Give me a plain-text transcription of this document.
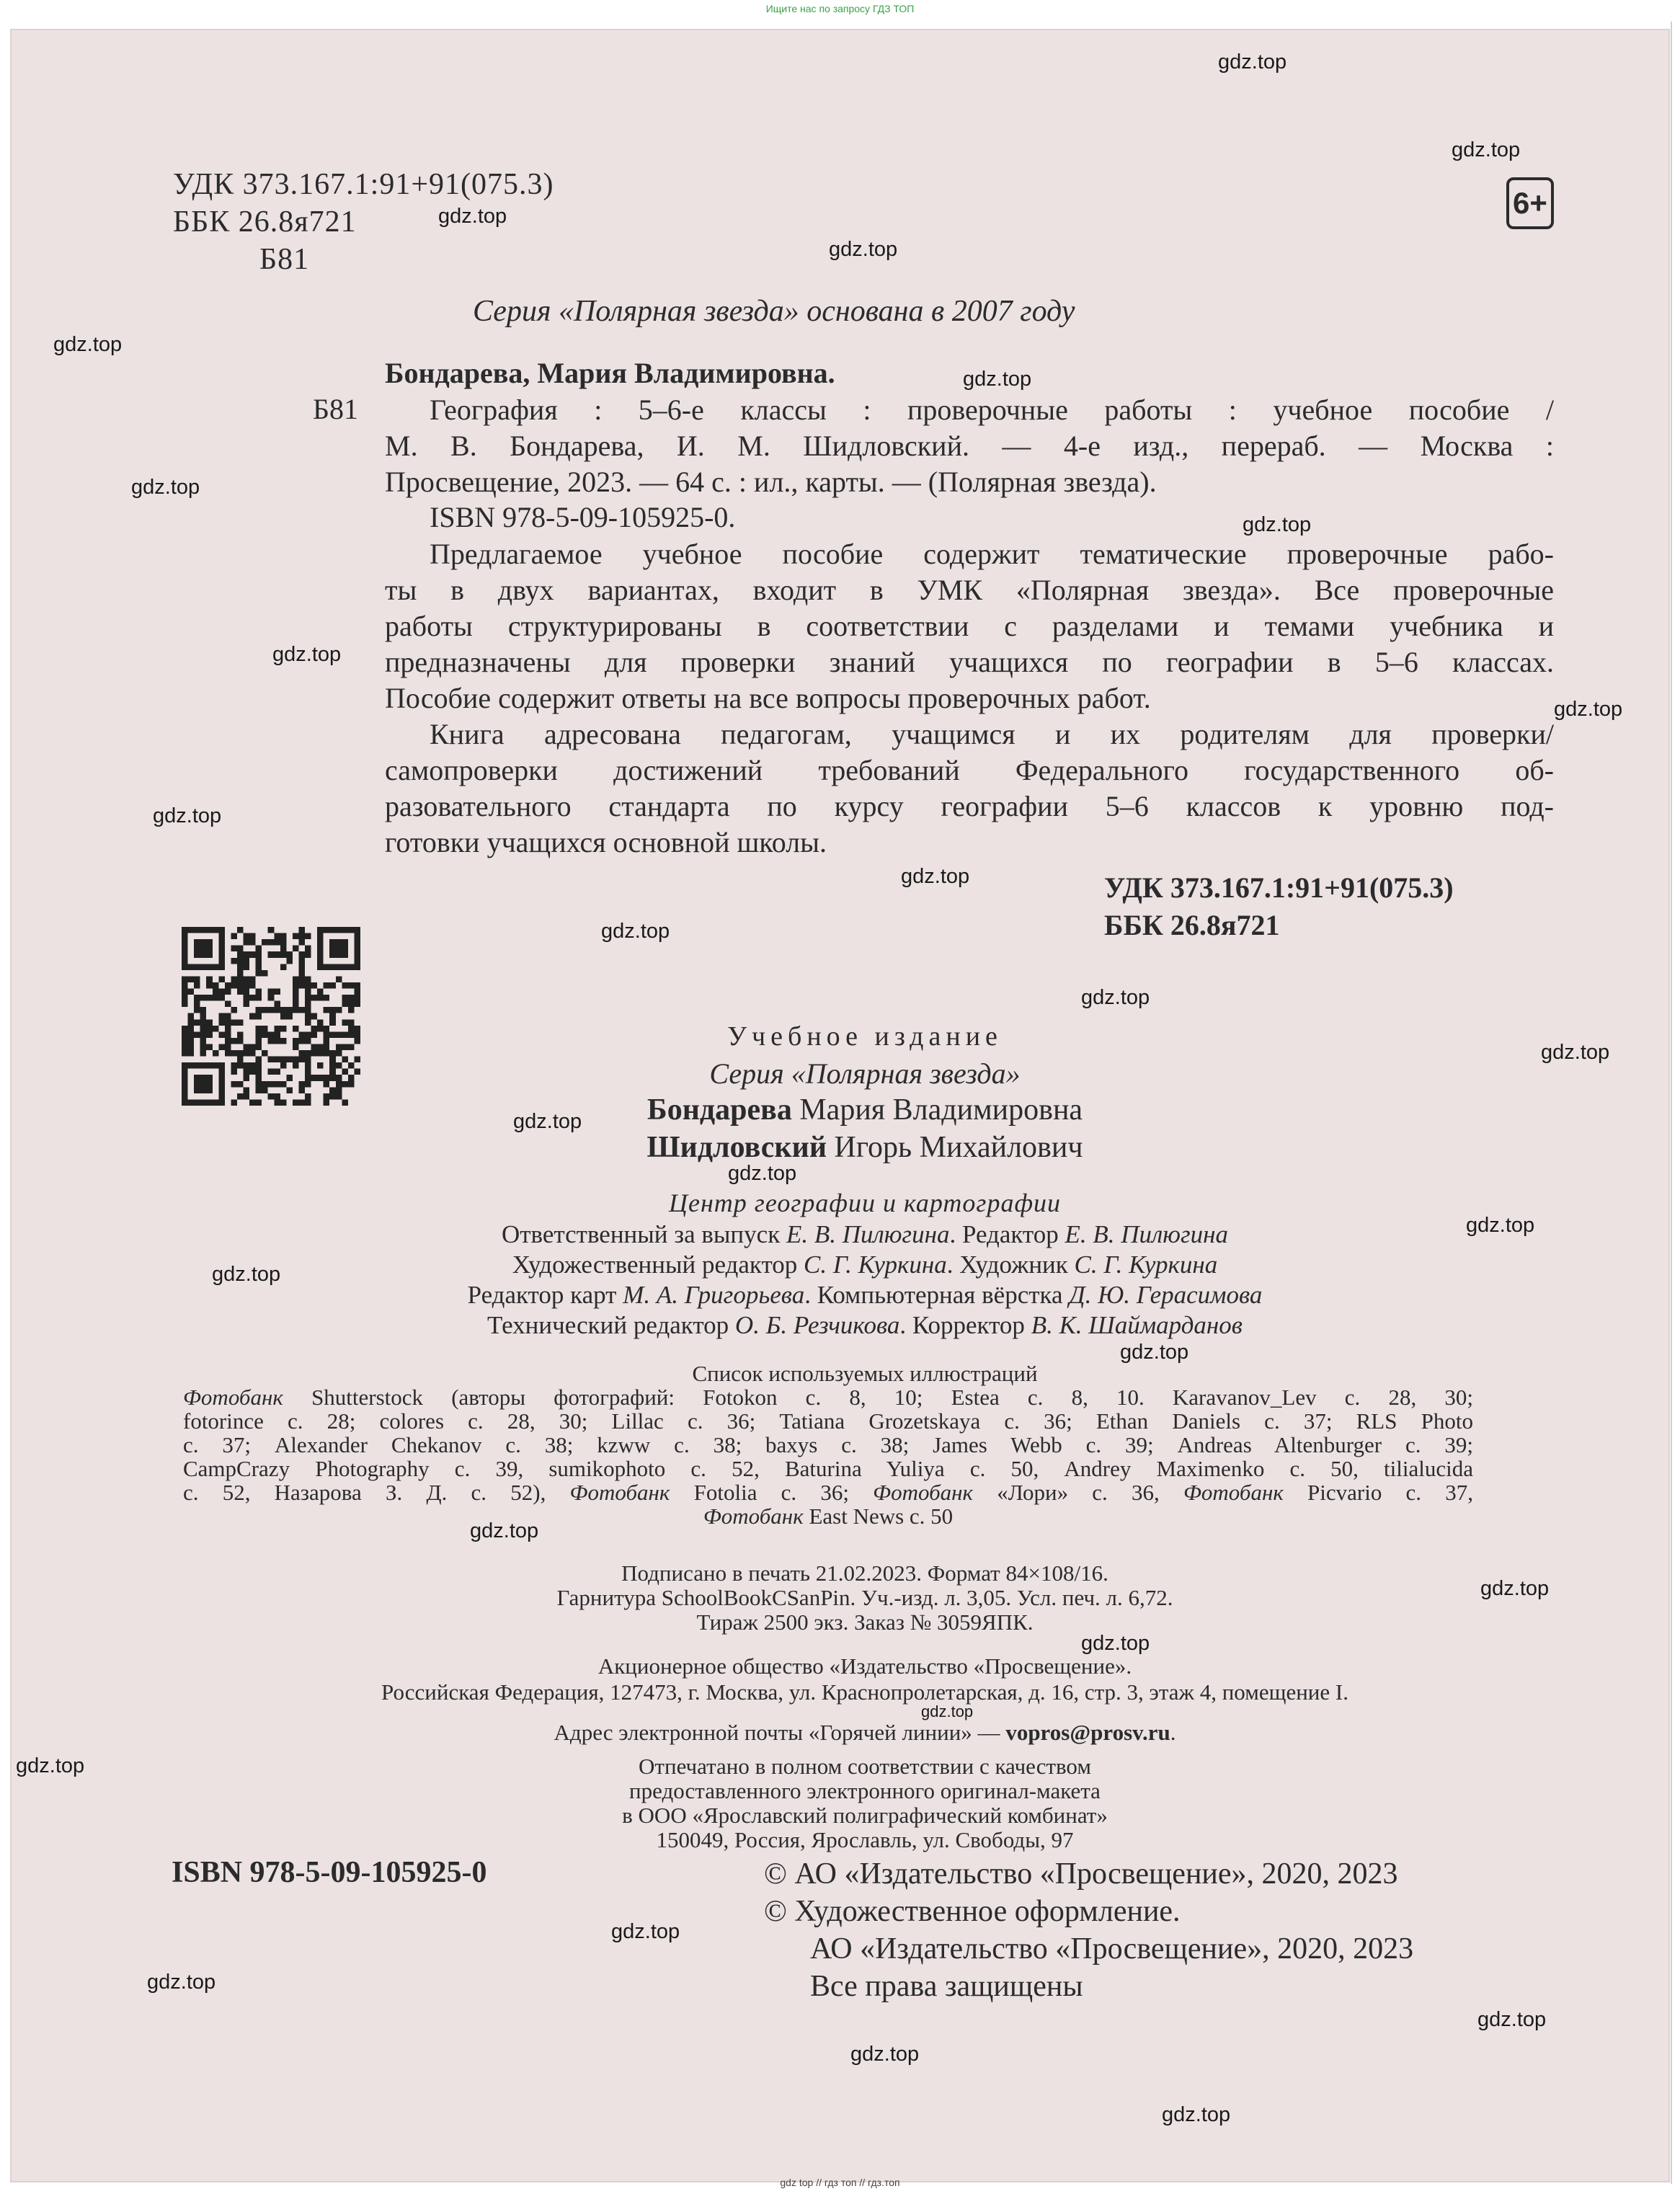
Ищите нас по запросу ГДЗ ТОП
УДК 373.167.1:91+91(075.3)
ББК 26.8я721
Б81
6+
Серия «Полярная звезда» основана в 2007 году
Бондарева, Мария Владимировна.
Б81 География : 5–6-е классы : проверочные работы : учебное пособие /
М. В. Бондарева, И. М. Шидловский. — 4-е изд., перераб. — Москва :
Просвещение, 2023. — 64 с. : ил., карты. — (Полярная звезда).
ISBN 978-5-09-105925-0.
Предлагаемое учебное пособие содержит тематические проверочные рабо-
ты в двух вариантах, входит в УМК «Полярная звезда». Все проверочные
работы структурированы в соответствии с разделами и темами учебника и
предназначены для проверки знаний учащихся по географии в 5–6 классах.
Пособие содержит ответы на все вопросы проверочных работ.
Книга адресована педагогам, учащимся и их родителям для проверки/
самопроверки достижений требований Федерального государственного об-
разовательного стандарта по курсу географии 5–6 классов к уровню под-
готовки учащихся основной школы.
УДК 373.167.1:91+91(075.3)
ББК 26.8я721
Учебное издание
Серия «Полярная звезда»
Бондарева Мария Владимировна
Шидловский Игорь Михайлович
Центр географии и картографии
Ответственный за выпуск Е. В. Пилюгина. Редактор Е. В. Пилюгина
Художественный редактор С. Г. Куркина. Художник С. Г. Куркина
Редактор карт М. А. Григорьева. Компьютерная вёрстка Д. Ю. Герасимова
Технический редактор О. Б. Резчикова. Корректор В. К. Шаймарданов
Список используемых иллюстраций
Фотобанк Shutterstock (авторы фотографий: Fotokon с. 8, 10; Estea с. 8, 10. Karavanov_Lev с. 28, 30;
fotorince с. 28; colores с. 28, 30; Lillac с. 36; Tatiana Grozetskaya с. 36; Ethan Daniels с. 37; RLS Photo
с. 37; Alexander Chekanov с. 38; kzww с. 38; baxys с. 38; James Webb с. 39; Andreas Altenburger с. 39;
CampCrazy Photography с. 39, sumikophoto с. 52, Baturina Yuliya с. 50, Andrey Maximenko с. 50, tilialucida
с. 52, Назарова З. Д. с. 52), Фотобанк Fotolia с. 36; Фотобанк «Лори» с. 36, Фотобанк Picvario с. 37,
Фотобанк East News с. 50
Подписано в печать 21.02.2023. Формат 84×108/16.
Гарнитура SchoolBookCSanPin. Уч.-изд. л. 3,05. Усл. печ. л. 6,72.
Тираж 2500 экз. Заказ № 3059ЯПК.
Акционерное общество «Издательство «Просвещение».
Российская Федерация, 127473, г. Москва, ул. Краснопролетарская, д. 16, стр. 3, этаж 4, помещение I.
Адрес электронной почты «Горячей линии» — vopros@prosv.ru.
Отпечатано в полном соответствии с качеством
предоставленного электронного оригинал-макета
в ООО «Ярославский полиграфический комбинат»
150049, Россия, Ярославль, ул. Свободы, 97
ISBN 978-5-09-105925-0	© АО «Издательство «Просвещение», 2020, 2023
© Художественное оформление.
АО «Издательство «Просвещение», 2020, 2023
Все права защищены
gdz.top
gdz.top
gdz.top
gdz.top
gdz.top
gdz.top
gdz.top
gdz.top
gdz.top
gdz.top
gdz.top
gdz.top
gdz.top
gdz.top
gdz.top
gdz.top
gdz.top
gdz.top
gdz.top
gdz.top
gdz.top
gdz.top
gdz.top
gdz.top
gdz.top
gdz.top
gdz.top
gdz.top
gdz.top
gdz.top
gdz top // гдз топ // гдз.топ
